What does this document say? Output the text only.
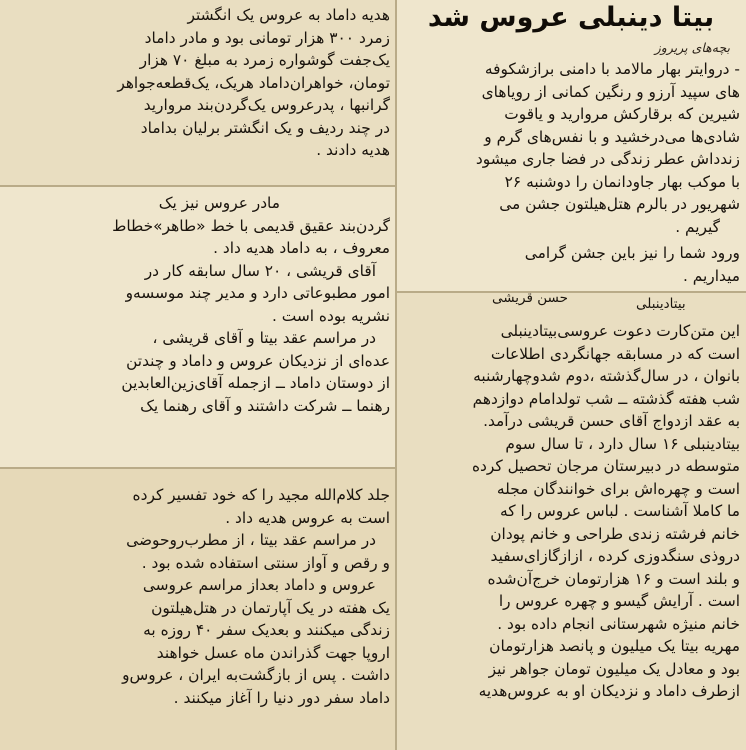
بیتا دینبلی عروس شد
بچه‌های پریروز

- دروایتر بهار مالامد با دامنی برازشکوفه

های سپید آرزو و رنگین کمانی از رویاهای

شیرین که برقارکش مروارید و یاقوت

شادی‌ها می‌درخشید و با نفس‌های گرم و

زندداش عطر زندگی در فضا جاری میشود

با موکب بهار جاودانمان را دوشنبه ۲۶

شهریور در بالرم هتل‌هیلتون جشن می‌

گیریم .

ورود شما را نیز باین جشن گرامی

میداریم .

بیتادینبلی
حسن قریشی

این متن‌کارت دعوت عروسی‌بیتادینبلی

است که در مسابقه جهانگردی اطلاعات‌

بانوان ، در سال‌گذشته ،دوم شدوچهارشنبه

شب هفته گذشته ــ شب تولدامام دوازدهم‌

به عقد ازدواج آقای حسن قریشی درآمد.

بیتادینبلی ۱۶ سال دارد ، تا سال سوم

متوسطه در دبیرستان مرجان تحصیل کرده

است و چهره‌اش برای خوانندگان مجله

ما کاملا آشناست . لباس عروس را که

خانم فرشته زندی طراحی و خانم پودان

دروذی سنگدوزی کرده ، ازاز‌گازای‌سفید

و بلند است و ۱۶ هزارتومان خرج‌آن‌شده

است . آرایش گیسو و چهره عروس را

خانم منیژه شهرستانی انجام داده بود .

مهریه بیتا یک میلیون و پانصد هزارتومان

بود و معادل یک میلیون تومان جواهر نیز

ازطرف داماد و نزدیکان او به عروس‌هدیه

هدیه داماد به عروس یک انگشتر

زمرد ۳۰۰ هزار تومانی بود و مادر داماد

یک‌جفت گوشواره زمرد به مبلغ ۷۰ هزار

تومان، خواهران‌داماد هریک، یک‌قطعه‌جواهر

گرانبها ، پدرعروس یک‌گردن‌بند مروارید

در چند ردیف و یک انگشتر برلیان بداماد

هدیه دادند .

مادر عروس نیز یک

گردن‌بند عقیق قدیمی با خط «طاهر»خطاط

معروف ، به داماد هدیه داد .

آقای قریشی ، ۲۰ سال سابقه کار در

امور مطبوعاتی دارد و مدیر چند موسسه‌و

نشریه بوده است .

در مراسم عقد بیتا و آقای قریشی ،

عده‌ای از نزدیکان عروس و داماد و چندتن

از دوستان داماد ــ ازجمله آقای‌زین‌العابدین

رهنما ــ شرکت داشتند و آقای رهنما یک

جلد کلام‌الله مجید را که خود تفسیر کرده

است به عروس هدیه داد .

در مراسم عقد بیتا ، از مطرب‌روحوضی

و رقص و آواز سنتی استفاده شده بود .

عروس و داماد بعداز مراسم عروسی

یک هفته در یک آپارتمان در هتل‌هیلتون

زندگی میکنند و بعدیک سفر ۴۰ روزه به

اروپا جهت گذراندن ماه عسل خواهند

داشت . پس از بازگشت‌به ایران ، عروس‌و

داماد سفر دور دنیا را آغاز میکنند .
